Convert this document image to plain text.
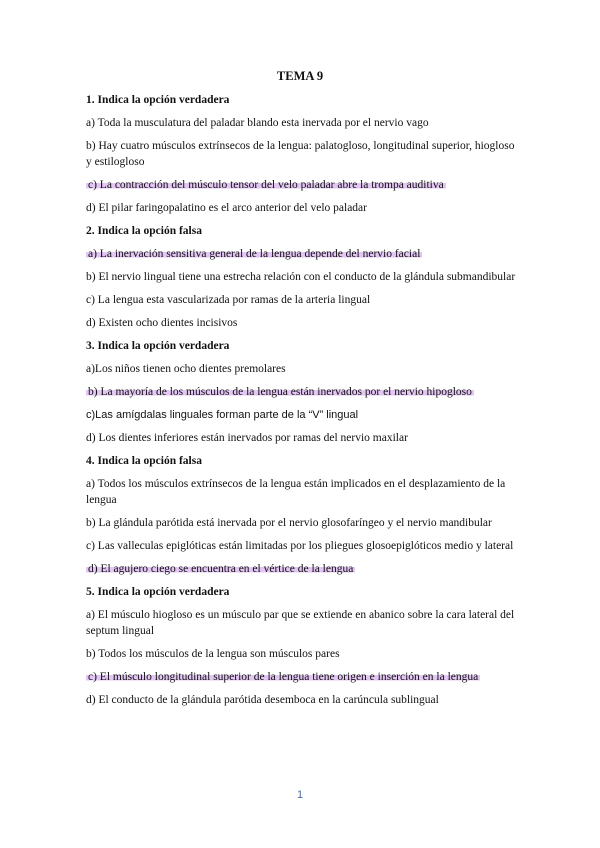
TEMA 9

1. Indica la opción verdadera

a) Toda la musculatura del paladar blando esta inervada por el nervio vago

b) Hay cuatro músculos extrínsecos de la lengua: palatogloso, longitudinal superior, hiogloso y estilogloso

c) La contracción del músculo tensor del velo paladar abre la trompa auditiva

d) El pilar faringopalatino es el arco anterior del velo paladar

2. Indica la opción falsa

a) La inervación sensitiva general de la lengua depende del nervio facial

b) El nervio lingual tiene una estrecha relación con el conducto de la glándula submandibular

c) La lengua esta vascularizada por ramas de la arteria lingual

d) Existen ocho dientes incisivos

3. Indica la opción verdadera

a)Los niños tienen ocho dientes premolares

b) La mayoría de los músculos de la lengua están inervados por el nervio hipogloso

c)Las amígdalas linguales forman parte de la “V” lingual

d) Los dientes inferiores están inervados por ramas del nervio maxilar

4. Indica la opción falsa

a) Todos los músculos extrínsecos de la lengua están implicados en el desplazamiento de la lengua

b) La glándula parótida está inervada por el nervio glosofaríngeo y el nervio mandibular

c) Las valleculas epiglóticas están limitadas por los pliegues glosoepiglóticos medio y lateral

d) El agujero ciego se encuentra en el vértice de la lengua

5. Indica la opción verdadera

a) El músculo hiogloso es un músculo par que se extiende en abanico sobre la cara lateral del septum lingual

b) Todos los músculos de la lengua son músculos pares

c) El músculo longitudinal superior de la lengua tiene origen e inserción en la lengua

d) El conducto de la glándula parótida desemboca en la carúncula sublingual

1
